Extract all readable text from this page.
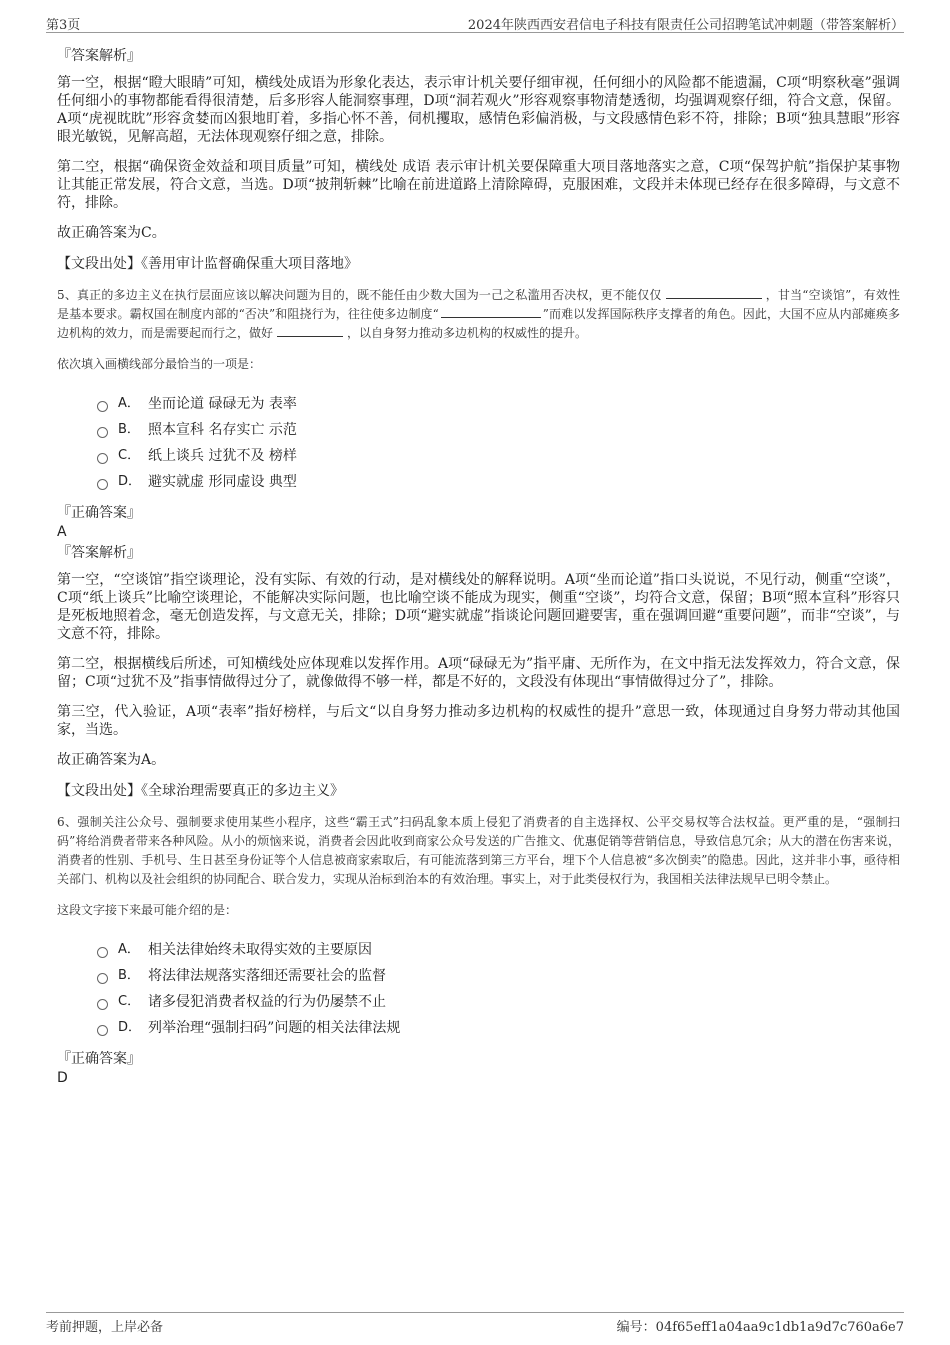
第3页	2024年陕西西安君信电子科技有限责任公司招聘笔试冲刺题（带答案解析）
『答案解析』

第一空，根据“瞪大眼睛”可知，横线处成语为形象化表达，表示审计机关要仔细审视，任何细小的风险都不能遗漏，C项“明察秋毫”强调任何细小的事物都能看得很清楚，后多形容人能洞察事理，D项“洞若观火”形容观察事物清楚透彻，均强调观察仔细，符合文意，保留。A项“虎视眈眈”形容贪婪而凶狠地盯着，多指心怀不善，伺机攫取，感情色彩偏消极，与文段感情色彩不符，排除；B项“独具慧眼”形容眼光敏锐，见解高超，无法体现观察仔细之意，排除。

第二空，根据“确保资金效益和项目质量”可知，横线处 成语 表示审计机关要保障重大项目落地落实之意，C项“保驾护航”指保护某事物让其能正常发展，符合文意，当选。D项“披荆斩棘”比喻在前进道路上清除障碍，克服困难，文段并未体现已经存在很多障碍，与文意不符，排除。

故正确答案为C。

【文段出处】《善用审计监督确保重大项目落地》

5、真正的多边主义在执行层面应该以解决问题为目的，既不能任由少数大国为一己之私滥用否决权，更不能仅仅	，甘当“空谈馆”，有效性是基本要求。霸权国在制度内部的“否决”和阻挠行为，往往使多边制度“	”而难以发挥国际秩序支撑者的角色。因此，大国不应从内部瘫痪多边机构的效力，而是需要起而行之，做好	，以自身努力推动多边机构的权威性的提升。

依次填入画横线部分最恰当的一项是：
A． 坐而论道 碌碌无为 表率
B． 照本宣科 名存实亡 示范
C． 纸上谈兵 过犹不及 榜样
D． 避实就虚 形同虚设 典型
『正确答案』
A
『答案解析』

第一空，“空谈馆”指空谈理论，没有实际、有效的行动，是对横线处的解释说明。A项“坐而论道”指口头说说，不见行动，侧重“空谈”，C项“纸上谈兵”比喻空谈理论，不能解决实际问题，也比喻空谈不能成为现实，侧重“空谈”，均符合文意，保留；B项“照本宣科”形容只是死板地照着念，毫无创造发挥，与文意无关，排除；D项“避实就虚”指谈论问题回避要害，重在强调回避“重要问题”，而非“空谈”，与文意不符，排除。

第二空，根据横线后所述，可知横线处应体现难以发挥作用。A项“碌碌无为”指平庸、无所作为，在文中指无法发挥效力，符合文意，保留；C项“过犹不及”指事情做得过分了，就像做得不够一样，都是不好的，文段没有体现出“事情做得过分了”，排除。

第三空，代入验证，A项“表率”指好榜样，与后文“以自身努力推动多边机构的权威性的提升”意思一致，体现通过自身努力带动其他国家，当选。

故正确答案为A。

【文段出处】《全球治理需要真正的多边主义》

6、强制关注公众号、强制要求使用某些小程序，这些“霸王式”扫码乱象本质上侵犯了消费者的自主选择权、公平交易权等合法权益。更严重的是，“强制扫码”将给消费者带来各种风险。从小的烦恼来说，消费者会因此收到商家公众号发送的广告推文、优惠促销等营销信息，导致信息冗余；从大的潜在伤害来说，消费者的性别、手机号、生日甚至身份证等个人信息被商家索取后，有可能流落到第三方平台，埋下个人信息被“多次倒卖”的隐患。因此，这并非小事，亟待相关部门、机构以及社会组织的协同配合、联合发力，实现从治标到治本的有效治理。事实上，对于此类侵权行为，我国相关法律法规早已明令禁止。

这段文字接下来最可能介绍的是：
A． 相关法律始终未取得实效的主要原因
B． 将法律法规落实落细还需要社会的监督
C． 诸多侵犯消费者权益的行为仍屡禁不止
D． 列举治理“强制扫码”问题的相关法律法规
『正确答案』
D
考前押题，上岸必备	编号：04f65eff1a04aa9c1db1a9d7c760a6e7
